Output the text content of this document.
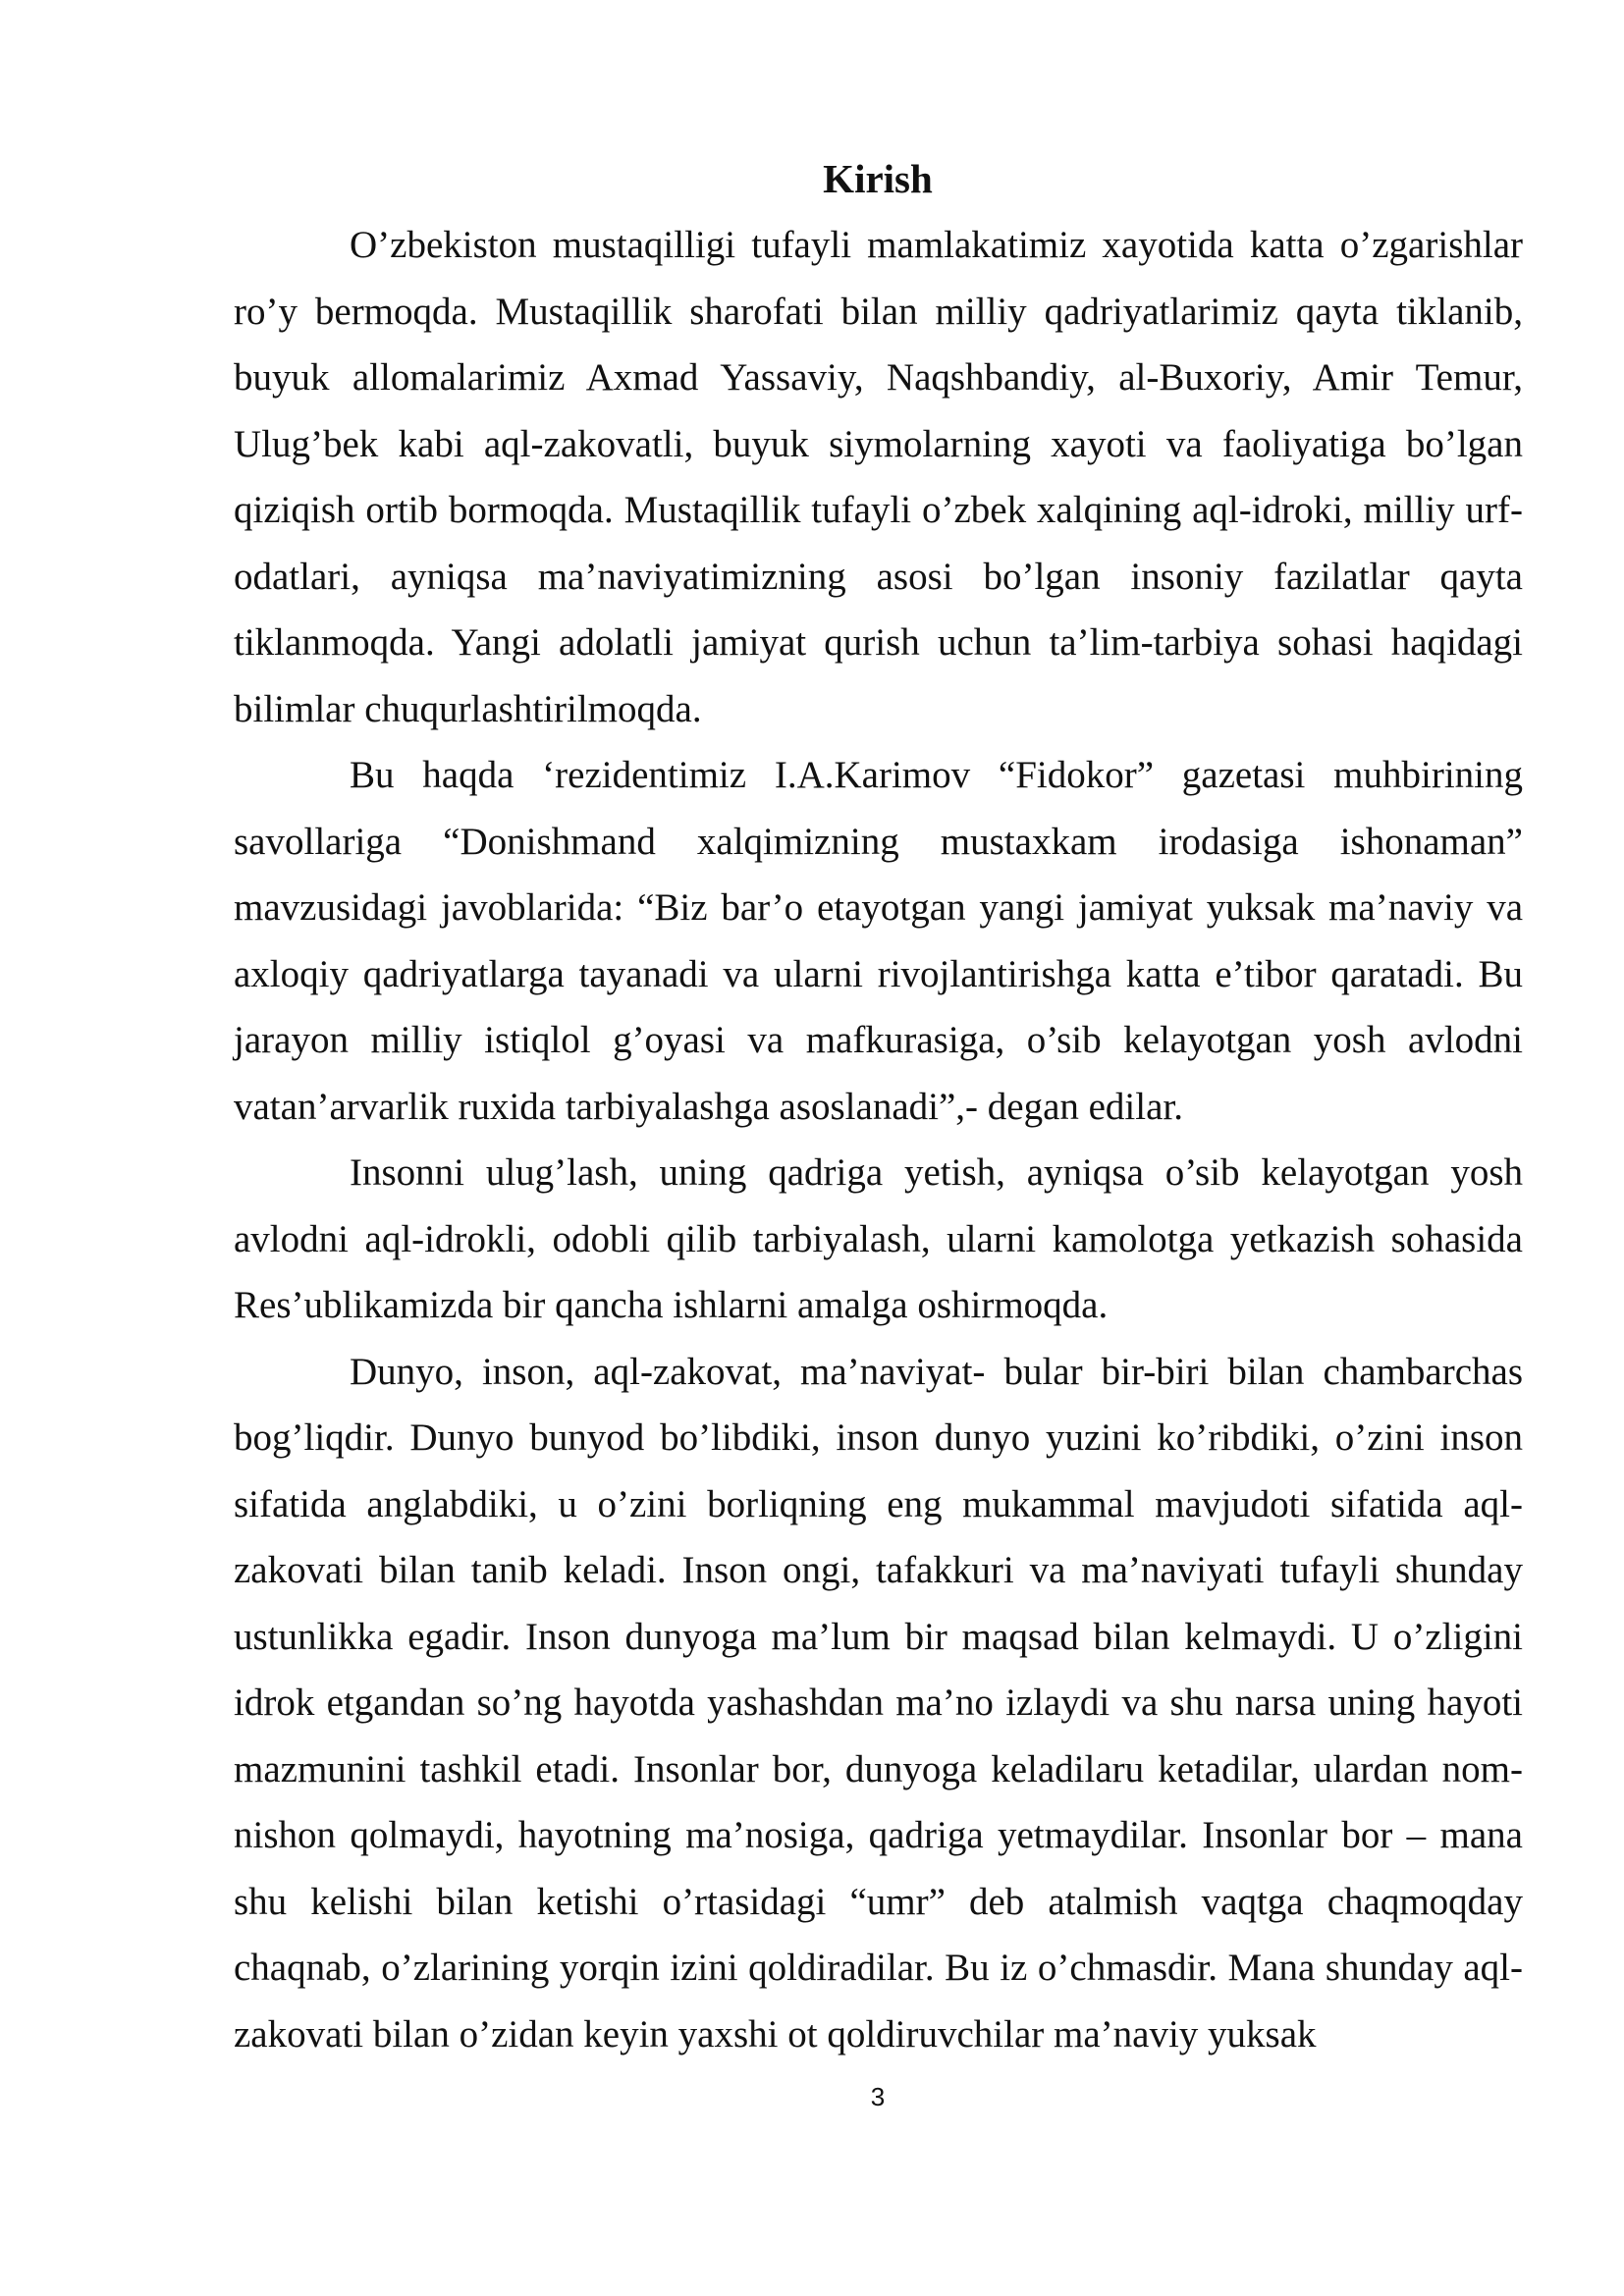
Kirish

O’zbekiston mustaqilligi tufayli mamlakatimiz xayotida katta o’zgarishlar ro’y bermoqda. Mustaqillik sharofati bilan milliy qadriyatlarimiz qayta tiklanib, buyuk allomalarimiz Axmad Yassaviy, Naqshbandiy, al-Buxoriy, Amir Temur, Ulug’bek kabi aql-zakovatli, buyuk siymolarning xayoti va faoliyatiga bo’lgan qiziqish ortib bormoqda. Mustaqillik tufayli o’zbek xalqining aql-idroki, milliy urf-odatlari, ayniqsa ma’naviyatimizning asosi bo’lgan insoniy fazilatlar qayta tiklanmoqda. Yangi adolatli jamiyat qurish uchun ta’lim-tarbiya sohasi haqidagi bilimlar chuqurlashtirilmoqda.

Bu haqda ‘rezidentimiz I.A.Karimov “Fidokor” gazetasi muhbirining savollariga “Donishmand xalqimizning mustaxkam irodasiga ishonaman” mavzusidagi javoblarida: “Biz bar’o etayotgan yangi jamiyat yuksak ma’naviy va axloqiy qadriyatlarga tayanadi va ularni rivojlantirishga katta e’tibor qaratadi. Bu jarayon milliy istiqlol g’oyasi va mafkurasiga, o’sib kelayotgan yosh avlodni vatan’arvarlik ruxida tarbiyalashga asoslanadi”,- degan edilar.

Insonni ulug’lash, uning qadriga yetish, ayniqsa o’sib kelayotgan yosh avlodni aql-idrokli, odobli qilib tarbiyalash, ularni kamolotga yetkazish sohasida Res’ublikamizda bir qancha ishlarni amalga oshirmoqda.

Dunyo, inson, aql-zakovat, ma’naviyat- bular bir-biri bilan chambarchas bog’liqdir. Dunyo bunyod bo’libdiki, inson dunyo yuzini ko’ribdiki, o’zini inson sifatida anglabdiki, u o’zini borliqning eng mukammal mavjudoti sifatida aql-zakovati bilan tanib keladi. Inson ongi, tafakkuri va ma’naviyati tufayli shunday ustunlikka egadir. Inson dunyoga ma’lum bir maqsad bilan kelmaydi. U o’zligini idrok etgandan so’ng hayotda yashashdan ma’no izlaydi va shu narsa uning hayoti mazmunini tashkil etadi. Insonlar bor, dunyoga keladilaru ketadilar, ulardan nom-nishon qolmaydi, hayotning ma’nosiga, qadriga yetmaydilar. Insonlar bor – mana shu kelishi bilan ketishi o’rtasidagi “umr” deb atalmish vaqtga chaqmoqday chaqnab, o’zlarining yorqin izini qoldiradilar. Bu iz o’chmasdir. Mana shunday aql-zakovati bilan o’zidan keyin yaxshi ot qoldiruvchilar ma’naviy yuksak

3
